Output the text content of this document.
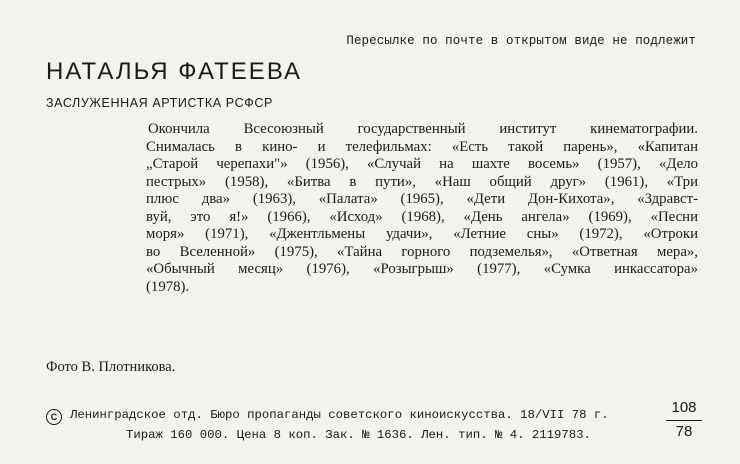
Пересылке по почте в открытом виде не подлежит
НАТАЛЬЯ ФАТЕЕВА
ЗАСЛУЖЕННАЯ АРТИСТКА РСФСР
Окончила Всесоюзный государственный институт кинематографии.
Снималась в кино- и телефильмах: «Есть такой парень», «Капитан
„Старой черепахи"» (1956), «Случай на шахте восемь» (1957), «Дело
пестрых» (1958), «Битва в пути», «Наш общий друг» (1961), «Три
плюс два» (1963), «Палата» (1965), «Дети Дон-Кихота», «Здравст-
вуй, это я!» (1966), «Исход» (1968), «День ангела» (1969), «Песни
моря» (1971), «Джентльмены удачи», «Летние сны» (1972), «Отроки
во Вселенной» (1975), «Тайна горного подземелья», «Ответная мера»,
«Обычный месяц» (1976), «Розыгрыш» (1977), «Сумка инкассатора»
(1978).
Фото В. Плотникова.
C Ленинградское отд. Бюро пропаганды советского киноискусства. 18/VII 78 г.
Тираж 160 000. Цена 8 коп. Зак. № 1636. Лен. тип. № 4. 2119783.
108
78
